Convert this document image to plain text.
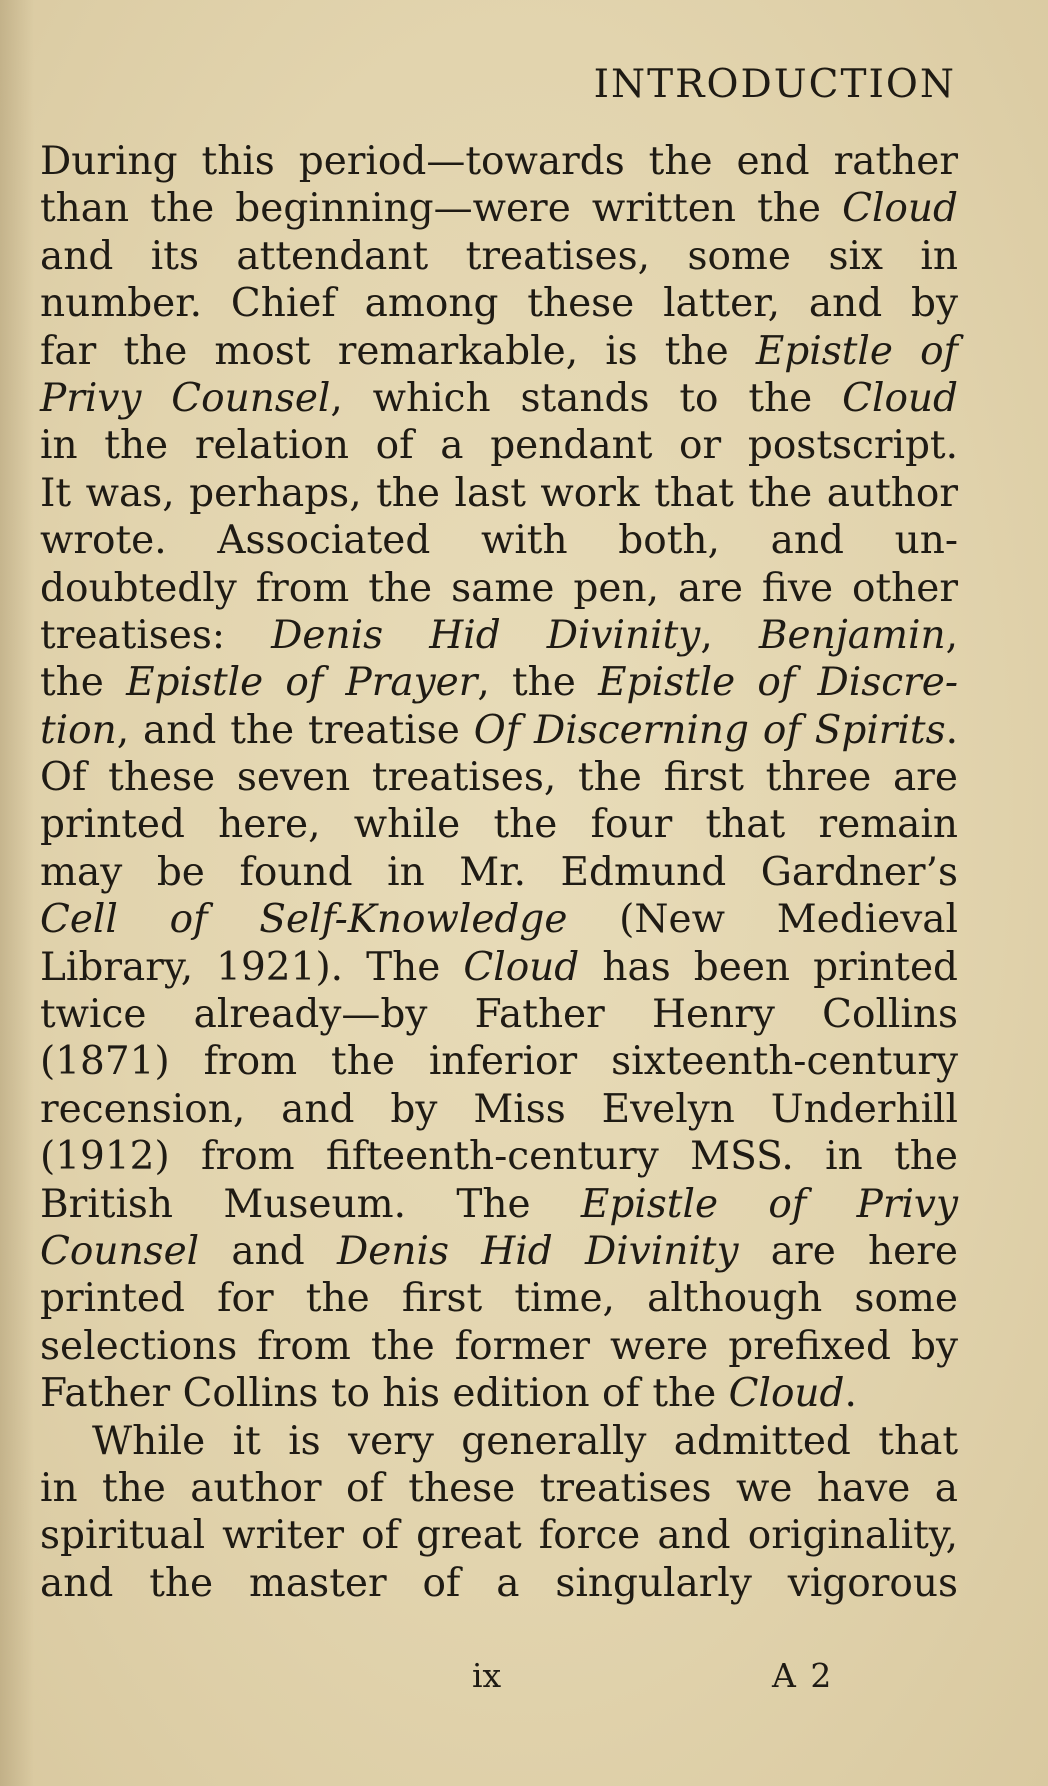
INTRODUCTION
During this period—towards the end rather
than the beginning—were written the Cloud
and its attendant treatises, some six in
number. Chief among these latter, and by
far the most remarkable, is the Epistle of
Privy Counsel, which stands to the Cloud
in the relation of a pendant or postscript.
It was, perhaps, the last work that the author
wrote. Associated with both, and un-
doubtedly from the same pen, are five other
treatises: Denis Hid Divinity, Benjamin,
the Epistle of Prayer, the Epistle of Discre-
tion, and the treatise Of Discerning of Spirits.
Of these seven treatises, the first three are
printed here, while the four that remain
may be found in Mr. Edmund Gardner’s
Cell of Self-Knowledge (New Medieval
Library, 1921). The Cloud has been printed
twice already—by Father Henry Collins
(1871) from the inferior sixteenth-century
recension, and by Miss Evelyn Underhill
(1912) from fifteenth-century MSS. in the
British Museum. The Epistle of Privy
Counsel and Denis Hid Divinity are here
printed for the first time, although some
selections from the former were prefixed by
Father Collins to his edition of the Cloud.
While it is very generally admitted that
in the author of these treatises we have a
spiritual writer of great force and originality,
and the master of a singularly vigorous
ix	A 2
